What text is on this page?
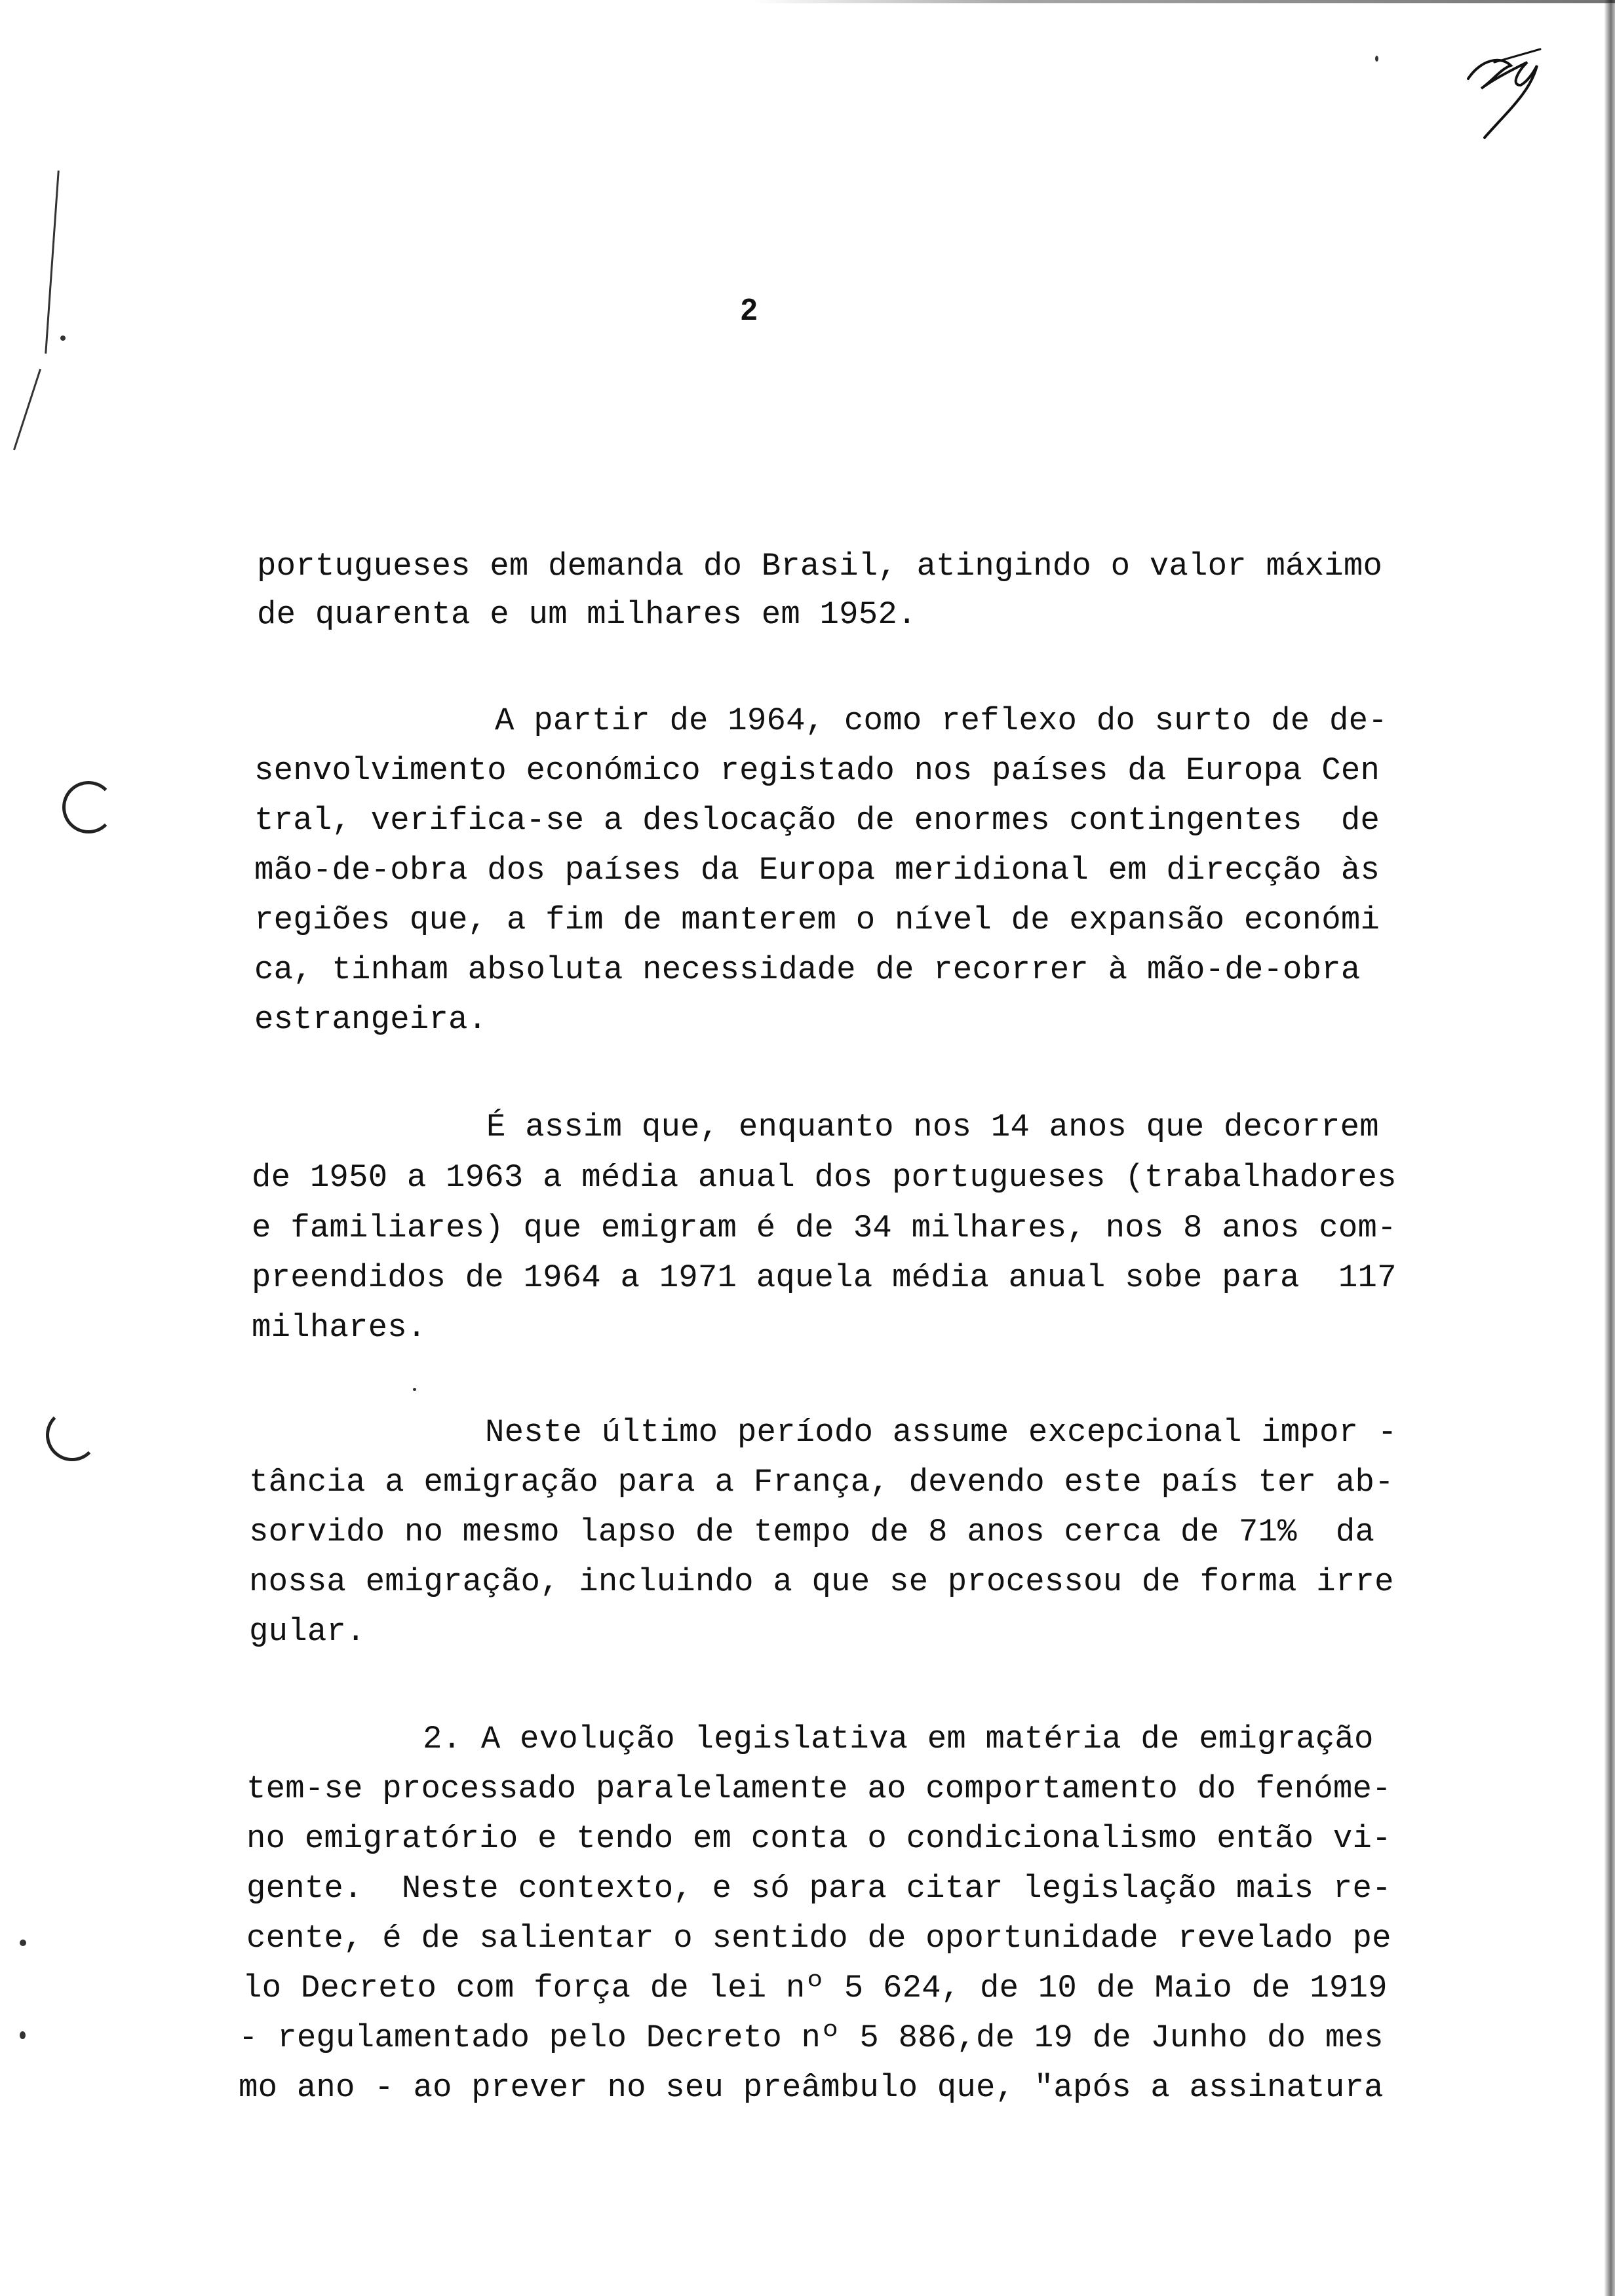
2
portugueses em demanda do Brasil, atingindo o valor máximo
de quarenta e um milhares em 1952.
A partir de 1964, como reflexo do surto de de-
senvolvimento económico registado nos países da Europa Cen
tral, verifica-se a deslocação de enormes contingentes  de
mão-de-obra dos países da Europa meridional em direcção às
regiões que, a fim de manterem o nível de expansão económi
ca, tinham absoluta necessidade de recorrer à mão-de-obra
estrangeira.
É assim que, enquanto nos 14 anos que decorrem
de 1950 a 1963 a média anual dos portugueses (trabalhadores
e familiares) que emigram é de 34 milhares, nos 8 anos com-
preendidos de 1964 a 1971 aquela média anual sobe para  117
milhares.
Neste último período assume excepcional impor -
tância a emigração para a França, devendo este país ter ab-
sorvido no mesmo lapso de tempo de 8 anos cerca de 71%  da
nossa emigração, incluindo a que se processou de forma irre
gular.
2. A evolução legislativa em matéria de emigração
tem-se processado paralelamente ao comportamento do fenóme-
no emigratório e tendo em conta o condicionalismo então vi-
gente.  Neste contexto, e só para citar legislação mais re-
cente, é de salientar o sentido de oportunidade revelado pe
lo Decreto com força de lei nº 5 624, de 10 de Maio de 1919
- regulamentado pelo Decreto nº 5 886,de 19 de Junho do mes
mo ano - ao prever no seu preâmbulo que, "após a assinatura
